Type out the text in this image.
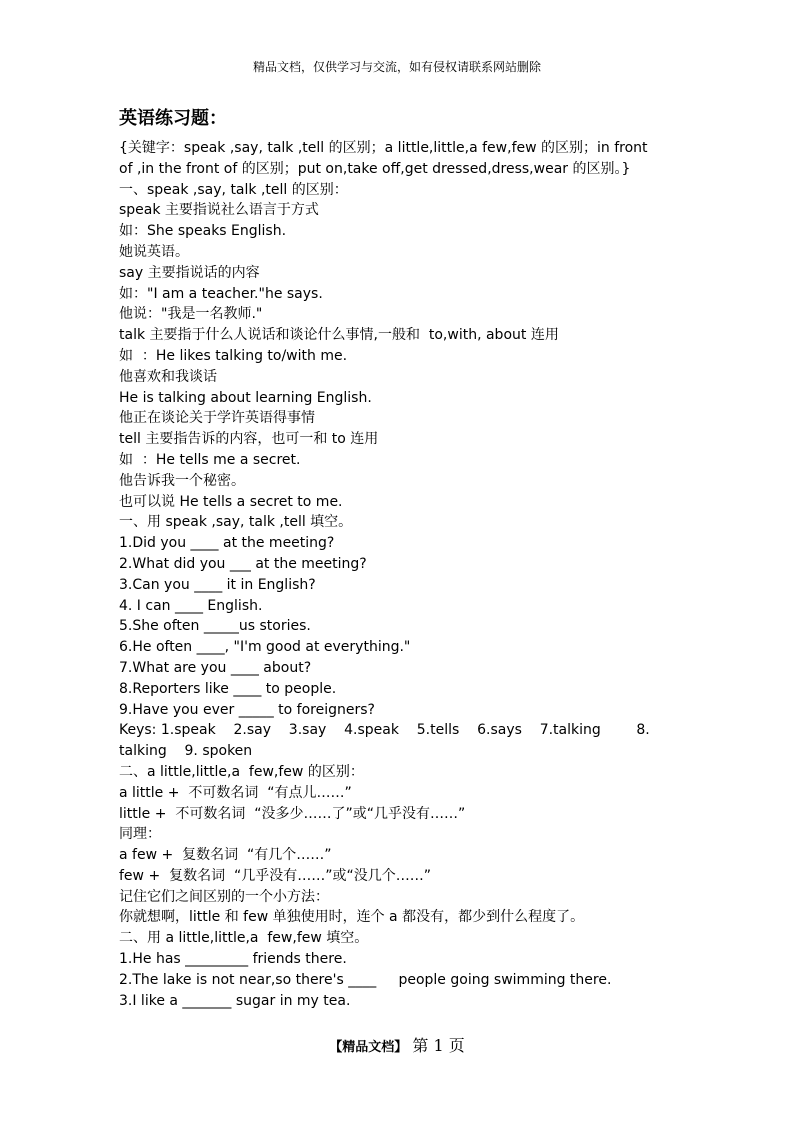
精品文档，仅供学习与交流，如有侵权请联系网站删除
英语练习题：
{关键字：speak ,say, talk ,tell 的区别；a little,little,a few,few 的区别；in front of ,in the front of 的区别；put on,take off,get dressed,dress,wear 的区别。}
一、speak ,say, talk ,tell 的区别：
speak 主要指说社么语言于方式
如：She speaks English.
她说英语。
say 主要指说话的内容
如："I am a teacher."he says.
他说："我是一名教师."
talk 主要指于什么人说话和谈论什么事情,一般和  to,with, about 连用
如  ：He likes talking to/with me.
他喜欢和我谈话
He is talking about learning English.
他正在谈论关于学许英语得事情
tell 主要指告诉的内容，也可一和 to 连用
如  ：He tells me a secret.
他告诉我一个秘密。
也可以说 He tells a secret to me.
一、用 speak ,say, talk ,tell 填空。
1.Did you ____ at the meeting?
2.What did you ___ at the meeting?
3.Can you ____ it in English?
4. I can ____ English.
5.She often _____us stories.
6.He often ____, "I'm good at everything."
7.What are you ____ about?
8.Reporters like ____ to people.
9.Have you ever _____ to foreigners?
Keys: 1.speak    2.say    3.say    4.speak    5.tells    6.says    7.talking        8.
talking    9. spoken
二、a little,little,a  few,few 的区别：
a little +  不可数名词  “有点儿……”
little +  不可数名词  “没多少……了”或“几乎没有……”
同理：
a few +  复数名词  “有几个……”
few +  复数名词  “几乎没有……”或“没几个……”
记住它们之间区别的一个小方法：
你就想啊，little 和 few 单独使用时，连个 a 都没有，都少到什么程度了。
二、用 a little,little,a  few,few 填空。
1.He has _________ friends there.
2.The lake is not near,so there's ____     people going swimming there.
3.I like a _______ sugar in my tea.
【精品文档】 第 1 页
